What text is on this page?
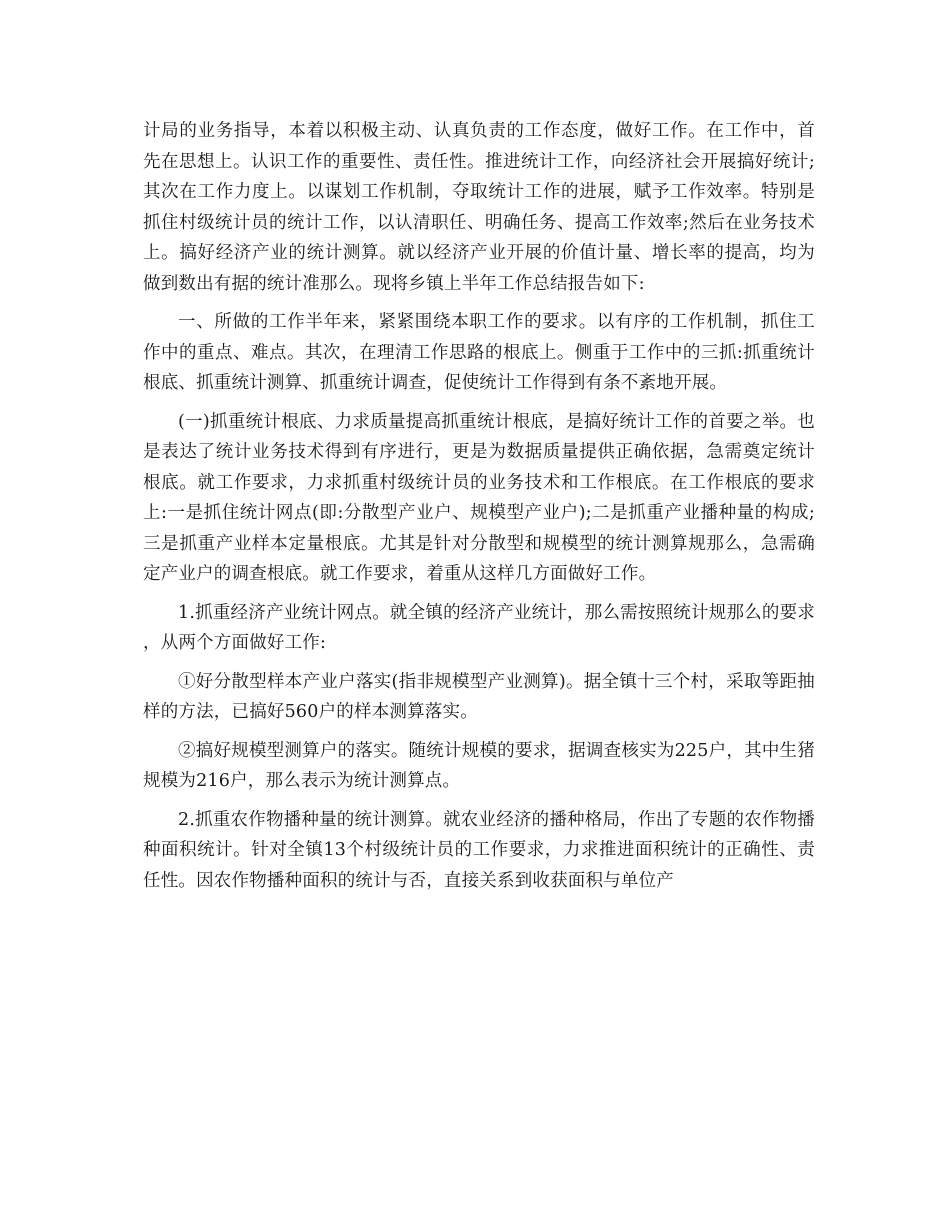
计局的业务指导，本着以积极主动、认真负责的工作态度，做好工作。在工作中，首先在思想上。认识工作的重要性、责任性。推进统计工作，向经济社会开展搞好统计;其次在工作力度上。以谋划工作机制，夺取统计工作的进展，赋予工作效率。特别是抓住村级统计员的统计工作，以认清职任、明确任务、提高工作效率;然后在业务技术上。搞好经济产业的统计测算。就以经济产业开展的价值计量、增长率的提高，均为做到数出有据的统计准那么。现将乡镇上半年工作总结报告如下:

一、所做的工作半年来，紧紧围绕本职工作的要求。以有序的工作机制，抓住工作中的重点、难点。其次，在理清工作思路的根底上。侧重于工作中的三抓:抓重统计根底、抓重统计测算、抓重统计调查，促使统计工作得到有条不紊地开展。

(一)抓重统计根底、力求质量提高抓重统计根底，是搞好统计工作的首要之举。也是表达了统计业务技术得到有序进行，更是为数据质量提供正确依据，急需奠定统计根底。就工作要求，力求抓重村级统计员的业务技术和工作根底。在工作根底的要求上:一是抓住统计网点(即:分散型产业户、规模型产业户);二是抓重产业播种量的构成;三是抓重产业样本定量根底。尤其是针对分散型和规模型的统计测算规那么，急需确定产业户的调查根底。就工作要求，着重从这样几方面做好工作。

1.抓重经济产业统计网点。就全镇的经济产业统计，那么需按照统计规那么的要求，从两个方面做好工作:

①好分散型样本产业户落实(指非规模型产业测算)。据全镇十三个村，采取等距抽样的方法，已搞好560户的样本测算落实。

②搞好规模型测算户的落实。随统计规模的要求，据调查核实为225户，其中生猪规模为216户，那么表示为统计测算点。

2.抓重农作物播种量的统计测算。就农业经济的播种格局，作出了专题的农作物播种面积统计。针对全镇13个村级统计员的工作要求，力求推进面积统计的正确性、责任性。因农作物播种面积的统计与否，直接关系到收获面积与单位产
